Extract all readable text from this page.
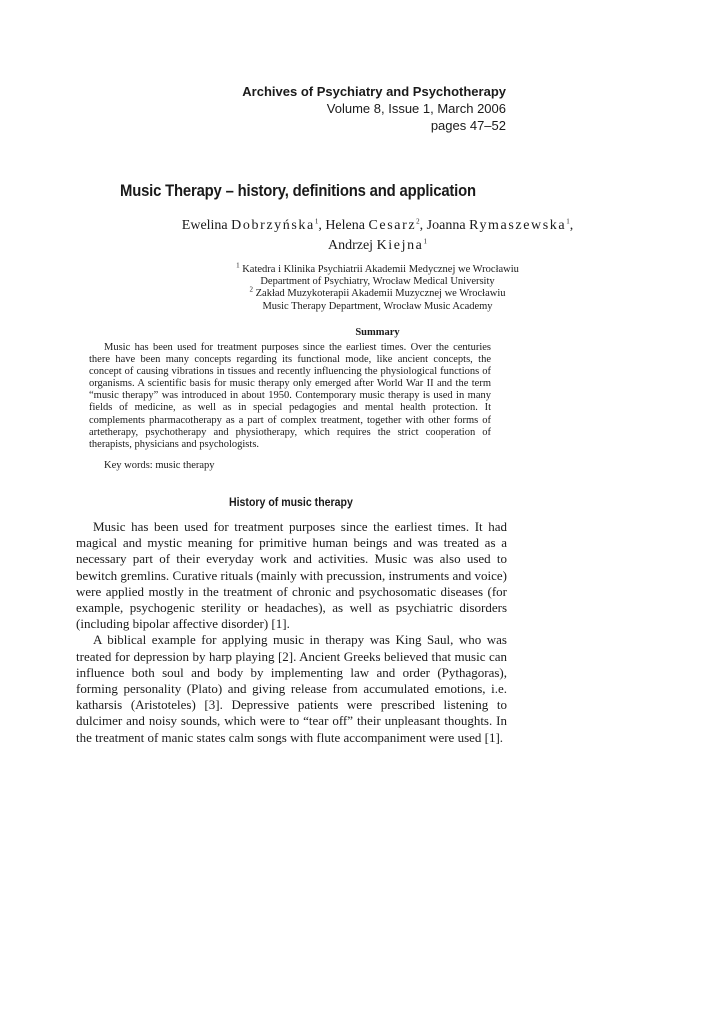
Archives of Psychiatry and Psychotherapy
Volume 8, Issue 1, March 2006
pages 47–52
Music Therapy – history, definitions and application
Ewelina Dobrzyńska$^1$, Helena Cesarz$^2$, Joanna Rymaszewska$^1$,
Andrzej Kiejna$^1$
$^1$ Katedra i Klinika Psychiatrii Akademii Medycznej we Wrocławiu
Department of Psychiatry, Wrocław Medical University
$^2$ Zakład Muzykoterapii Akademii Muzycznej we Wrocławiu
Music Therapy Department, Wrocław Music Academy
Summary

Music has been used for treatment purposes since the earliest times. Over the centuries there have been many concepts regarding its functional mode, like ancient concepts, the concept of causing vibrations in tissues and recently influencing the physiological functions of organisms. A scientific basis for music therapy only emerged after World War II and the term “music therapy” was introduced in about 1950. Contemporary music therapy is used in many fields of medicine, as well as in special pedagogies and mental health protection. It complements pharmacotherapy as a part of complex treatment, together with other forms of artetherapy, psychotherapy and physiotherapy, which requires the strict cooperation of therapists, physicians and psychologists.

Key words: music therapy
History of music therapy

Music has been used for treatment purposes since the earliest times. It had magical and mystic meaning for primitive human beings and was treated as a necessary part of their everyday work and activities. Music was also used to bewitch gremlins. Curative rituals (mainly with precussion, instruments and voice) were applied mostly in the treatment of chronic and psychosomatic diseases (for example, psychogenic sterility or headaches), as well as psychiatric disorders (including bipolar affective disorder) [1].

A biblical example for applying music in therapy was King Saul, who was treated for depression by harp playing [2]. Ancient Greeks believed that music can influence both soul and body by implementing law and order (Pythagoras), forming personality (Plato) and giving release from accumulated emotions, i.e. katharsis (Aristoteles) [3]. Depressive patients were prescribed listening to dulcimer and noisy sounds, which were to “tear off” their unpleasant thoughts. In the treatment of manic states calm songs with flute accompaniment were used [1].
